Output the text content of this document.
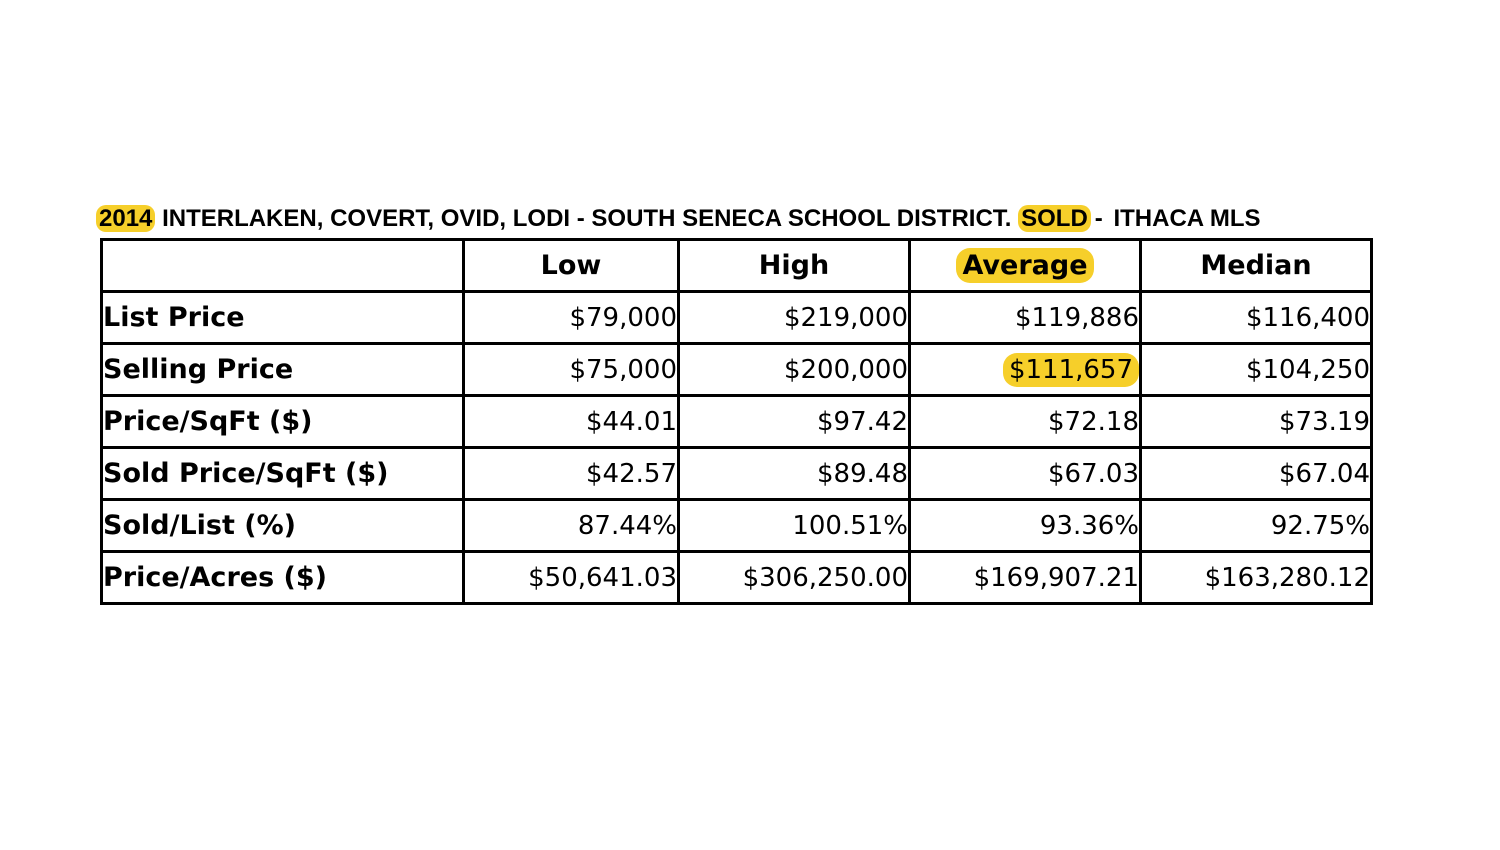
2014 INTERLAKEN, COVERT, OVID, LODI - SOUTH SENECA SCHOOL DISTRICT. SOLD - ITHACA MLS
	Low	High	Average	Median
List Price	$79,000	$219,000	$119,886	$116,400
Selling Price	$75,000	$200,000	$111,657	$104,250
Price/SqFt ($)	$44.01	$97.42	$72.18	$73.19
Sold Price/SqFt ($)	$42.57	$89.48	$67.03	$67.04
Sold/List (%)	87.44%	100.51%	93.36%	92.75%
Price/Acres ($)	$50,641.03	$306,250.00	$169,907.21	$163,280.12
